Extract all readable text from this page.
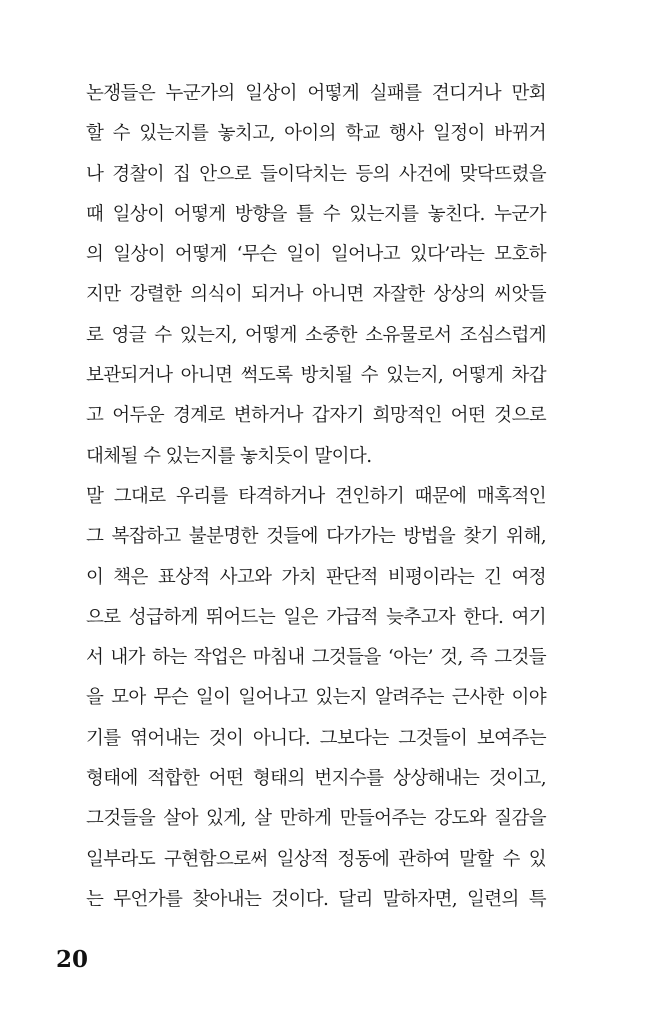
논쟁들은 누군가의 일상이 어떻게 실패를 견디거나 만회
할 수 있는지를 놓치고, 아이의 학교 행사 일정이 바뀌거
나 경찰이 집 안으로 들이닥치는 등의 사건에 맞닥뜨렸을
때 일상이 어떻게 방향을 틀 수 있는지를 놓친다. 누군가
의 일상이 어떻게 ‘무슨 일이 일어나고 있다’라는 모호하
지만 강렬한 의식이 되거나 아니면 자잘한 상상의 씨앗들
로 영글 수 있는지, 어떻게 소중한 소유물로서 조심스럽게
보관되거나 아니면 썩도록 방치될 수 있는지, 어떻게 차갑
고 어두운 경계로 변하거나 갑자기 희망적인 어떤 것으로
대체될 수 있는지를 놓치듯이 말이다.
말 그대로 우리를 타격하거나 견인하기 때문에 매혹적인
그 복잡하고 불분명한 것들에 다가가는 방법을 찾기 위해,
이 책은 표상적 사고와 가치 판단적 비평이라는 긴 여정
으로 성급하게 뛰어드는 일은 가급적 늦추고자 한다. 여기
서 내가 하는 작업은 마침내 그것들을 ‘아는’ 것, 즉 그것들
을 모아 무슨 일이 일어나고 있는지 알려주는 근사한 이야
기를 엮어내는 것이 아니다. 그보다는 그것들이 보여주는
형태에 적합한 어떤 형태의 번지수를 상상해내는 것이고,
그것들을 살아 있게, 살 만하게 만들어주는 강도와 질감을
일부라도 구현함으로써 일상적 정동에 관하여 말할 수 있
는 무언가를 찾아내는 것이다. 달리 말하자면, 일련의 특
20
